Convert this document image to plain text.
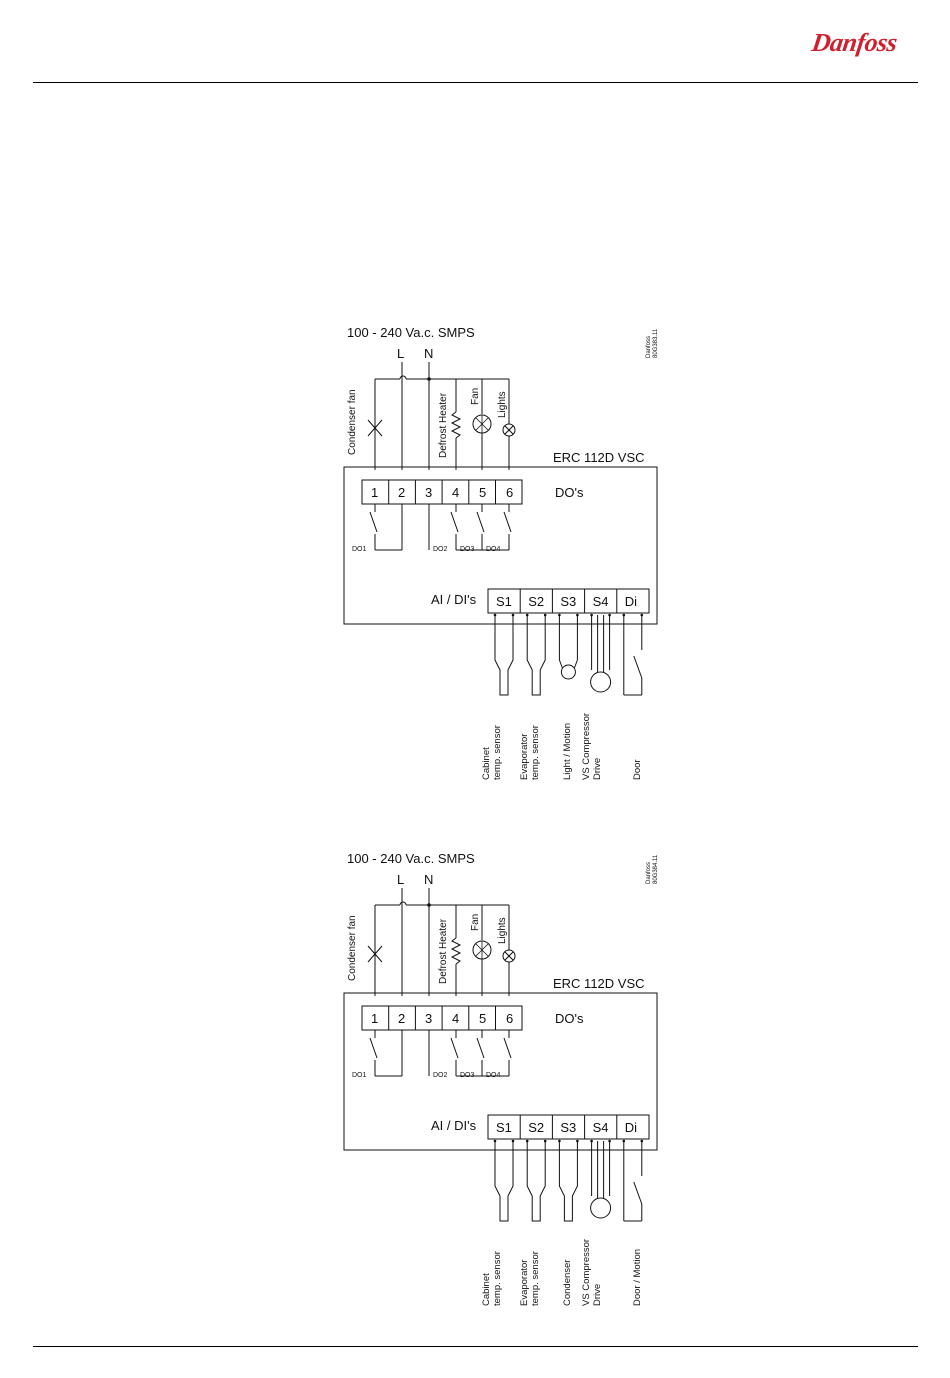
Danfoss
100 - 240 Va.c. SMPS
L N	Danfoss 80G383.11
Condenser fan	Defrost Heater Fan Lights
ERC 112D VSC
1 2 3 4 5 6	DO's
DO1	DO2 DO3 DO4
AI / DI's S1 S2 S3 S4 Di
Cabinet temp. sensor Evaporator temp. sensor Light / Motion VS Compressor Drive	Door
100 - 240 Va.c. SMPS
L N	Danfoss 80G384.11
Condenser fan	Defrost Heater Fan Lights
ERC 112D VSC
1 2 3 4 5 6	DO's
DO1	DO2 DO3 DO4
AI / DI's S1 S2 S3 S4 Di
Cabinet temp. sensor Evaporator temp. sensor Condenser VS Compressor Drive	Door / Motion
